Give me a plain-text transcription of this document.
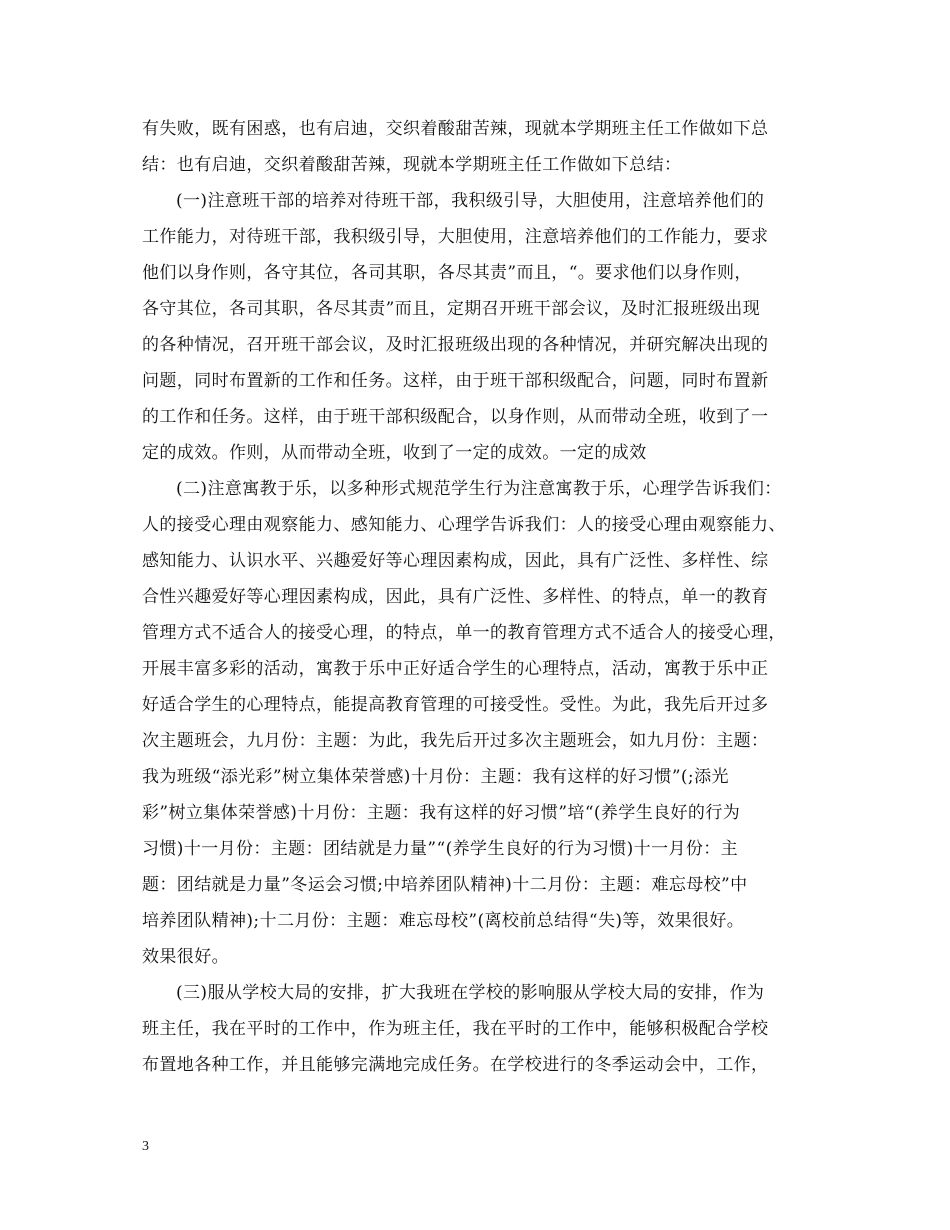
有失败，既有困惑，也有启迪，交织着酸甜苦辣，现就本学期班主任工作做如下总
结：也有启迪，交织着酸甜苦辣，现就本学期班主任工作做如下总结：
(一)注意班干部的培养对待班干部，我积级引导，大胆使用，注意培养他们的
工作能力，对待班干部，我积级引导，大胆使用，注意培养他们的工作能力，要求
他们以身作则，各守其位，各司其职，各尽其责”而且，“。要求他们以身作则，
各守其位，各司其职，各尽其责”而且，定期召开班干部会议，及时汇报班级出现
的各种情况，召开班干部会议，及时汇报班级出现的各种情况，并研究解决出现的
问题，同时布置新的工作和任务。这样，由于班干部积级配合，问题，同时布置新
的工作和任务。这样，由于班干部积级配合，以身作则，从而带动全班，收到了一
定的成效。作则，从而带动全班，收到了一定的成效。一定的成效
(二)注意寓教于乐，以多种形式规范学生行为注意寓教于乐，心理学告诉我们：
人的接受心理由观察能力、感知能力、心理学告诉我们：人的接受心理由观察能力、
感知能力、认识水平、兴趣爱好等心理因素构成，因此，具有广泛性、多样性、综
合性兴趣爱好等心理因素构成，因此，具有广泛性、多样性、的特点，单一的教育
管理方式不适合人的接受心理，的特点，单一的教育管理方式不适合人的接受心理，
开展丰富多彩的活动，寓教于乐中正好适合学生的心理特点，活动，寓教于乐中正
好适合学生的心理特点，能提高教育管理的可接受性。受性。为此，我先后开过多
次主题班会，九月份：主题：为此，我先后开过多次主题班会，如九月份：主题：
我为班级“添光彩”树立集体荣誉感)十月份：主题：我有这样的好习惯”(;添光
彩”树立集体荣誉感)十月份：主题：我有这样的好习惯”培“(养学生良好的行为
习惯)十一月份：主题：团结就是力量”“(养学生良好的行为习惯)十一月份：主
题：团结就是力量”冬运会习惯;中培养团队精神)十二月份：主题：难忘母校”中
培养团队精神);十二月份：主题：难忘母校”(离校前总结得“失)等，效果很好。
效果很好。
(三)服从学校大局的安排，扩大我班在学校的影响服从学校大局的安排，作为
班主任，我在平时的工作中，作为班主任，我在平时的工作中，能够积极配合学校
布置地各种工作，并且能够完满地完成任务。在学校进行的冬季运动会中，工作，
3
